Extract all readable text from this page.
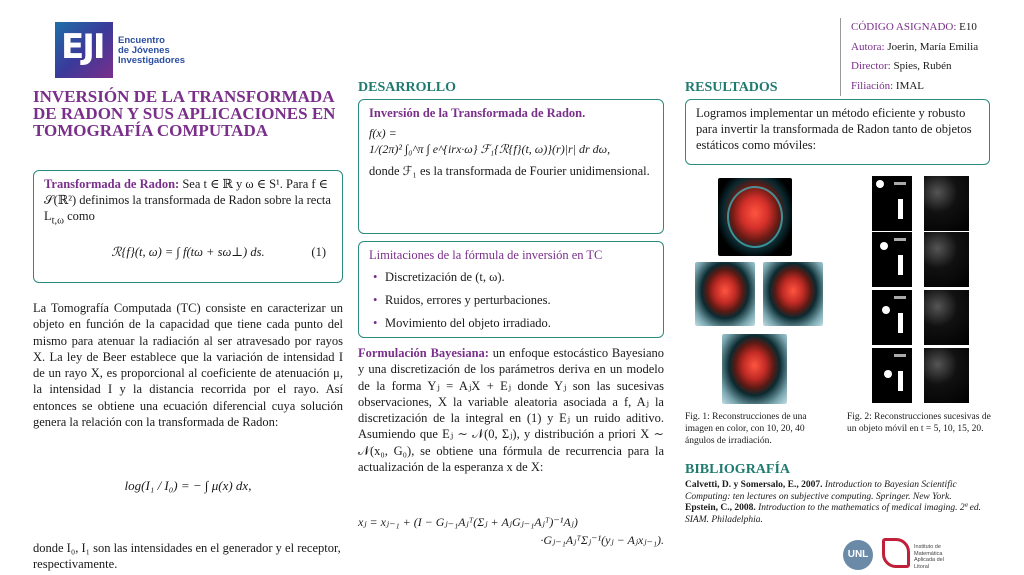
EJI Encuentro
de Jóvenes
Investigadores
INVERSIÓN DE LA TRANSFORMADA DE RADON Y SUS APLICACIONES EN TOMOGRAFÍA COMPUTADA
CÓDIGO ASIGNADO: E10
Autora: Joerin, María Emilia
Director: Spies, Rubén
Filiación: IMAL
Transformada de Radon: Sea t ∈ ℝ y ω ∈ S¹. Para f ∈ 𝒮(ℝ²) definimos la transformada de Radon sobre la recta $L_{t,\omega}$ como
ℛ{f}(t, ω) = ∫ f(tω + sω⊥) ds.	(1)
La Tomografía Computada (TC) consiste en caracterizar un objeto en función de la capacidad que tiene cada punto del mismo para atenuar la radiación al ser atravesado por rayos X. La ley de Beer establece que la variación de intensidad I de un rayo X, es proporcional al coeficiente de atenuación μ, la intensidad I y la distancia recorrida por el rayo. Así entonces se obtiene una ecuación diferencial cuya solución genera la relación con la transformada de Radon:
log(I₁ / I₀) = − ∫ μ(x) dx,
donde I₀, I₁ son las intensidades en el generador y el receptor, respectivamente.
DESARROLLO
Inversión de la Transformada de Radon.
f(x) =
1/(2π)² ∫₀^π ∫ e^{irx·ω} ℱ₁{ℛ{f}(t, ω)}(r)|r| dr dω,
donde ℱ₁ es la transformada de Fourier unidimensional.
Limitaciones de la fórmula de inversión en TC
• Discretización de (t, ω).
• Ruidos, errores y perturbaciones.
• Movimiento del objeto irradiado.
Formulación Bayesiana: un enfoque estocástico Bayesiano y una discretización de los parámetros deriva en un modelo de la forma Yⱼ = AⱼX + Eⱼ donde Yⱼ son las sucesivas observaciones, X la variable aleatoria asociada a f, Aⱼ la discretización de la integral en (1) y Eⱼ un ruido aditivo. Asumiendo que Eⱼ ∼ 𝒩(0, Σⱼ), y distribución a priori X ∼ 𝒩(x₀, G₀), se obtiene una fórmula de recurrencia para la actualización de la esperanza x de X:
xⱼ = xⱼ₋₁ + (I − Gⱼ₋₁Aⱼᵀ(Σⱼ + AⱼGⱼ₋₁Aⱼᵀ)⁻¹Aⱼ)
·Gⱼ₋₁AⱼᵀΣⱼ⁻¹(yⱼ − Aⱼxⱼ₋₁).
RESULTADOS
Logramos implementar un método eficiente y robusto para invertir la transformada de Radon tanto de objetos estáticos como móviles:
Fig. 1: Reconstrucciones de una imagen en color, con 10, 20, 40 ángulos de irradiación.
Fig. 2: Reconstrucciones sucesivas de un objeto móvil en t = 5, 10, 15, 20.
BIBLIOGRAFÍA
Calvetti, D. y Somersalo, E., 2007. Introduction to Bayesian Scientific Computing: ten lectures on subjective computing. Springer. New York.
Epstein, C., 2008. Introduction to the mathematics of medical imaging. 2ª ed. SIAM. Philadelphia.
UNL
Instituto de Matemática Aplicada del Litoral
